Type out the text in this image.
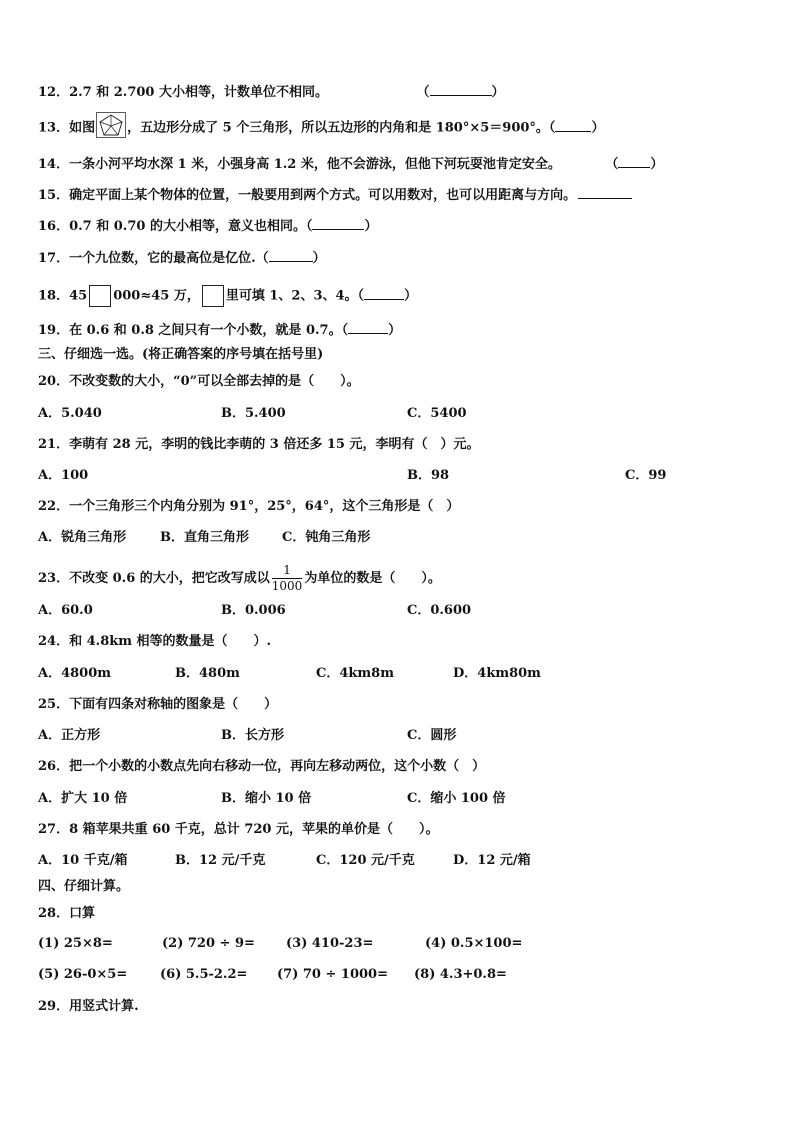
12．2.7 和 2.700 大小相等，计数单位不相同。	（	）
13．如图 ，五边形分成了 5 个三角形，所以五边形的内角和是 180°×5＝900°。（	）
14．一条小河平均水深 1 米，小强身高 1.2 米，他不会游泳，但他下河玩耍池肯定安全。	（ ）
15．确定平面上某个物体的位置，一般要用到两个方式。可以用数对，也可以用距离与方向。
16．0.7 和 0.70 的大小相等，意义也相同。（	）
17．一个九位数，它的最高位是亿位.（	）
18．45 000≈45 万， 里可填 1、2、3、4。（	）
19．在 0.6 和 0.8 之间只有一个小数，就是 0.7。（	）
三、仔细选一选。(将正确答案的序号填在括号里)
20．不改变数的大小，“0”可以全部去掉的是（　　）。
A．5.040	B．5.400	C．5400
21．李萌有 28 元，李明的钱比李萌的 3 倍还多 15 元，李明有（　）元。
A．100	B．98	C．99
22．一个三角形三个内角分别为 91°，25°，64°，这个三角形是（　）
A．锐角三角形	B．直角三角形	C．钝角三角形
23．不改变 0.6 的大小，把它改写成以 $\frac{1}{1000}$ 为单位的数是（　　）。
A．60.0	B．0.006	C．0.600
24．和 4.8km 相等的数量是（　　）.
A．4800m	B．480m	C．4km8m	D．4km80m
25．下面有四条对称轴的图象是（　　）
A．正方形	B．长方形	C．圆形
26．把一个小数的小数点先向右移动一位，再向左移动两位，这个小数（　）
A．扩大 10 倍	B．缩小 10 倍	C．缩小 100 倍
27．8 箱苹果共重 60 千克，总计 720 元，苹果的单价是（　　）。
A．10 千克/箱	B．12 元/千克	C．120 元/千克	D．12 元/箱
四、仔细计算。
28．口算
(1) 25×8=	(2) 720 ÷ 9= (3) 410-23=	(4) 0.5×100=
(5) 26-0×5=	(6) 5.5-2.2= (7) 70 ÷ 1000= (8) 4.3+0.8=
29．用竖式计算.
